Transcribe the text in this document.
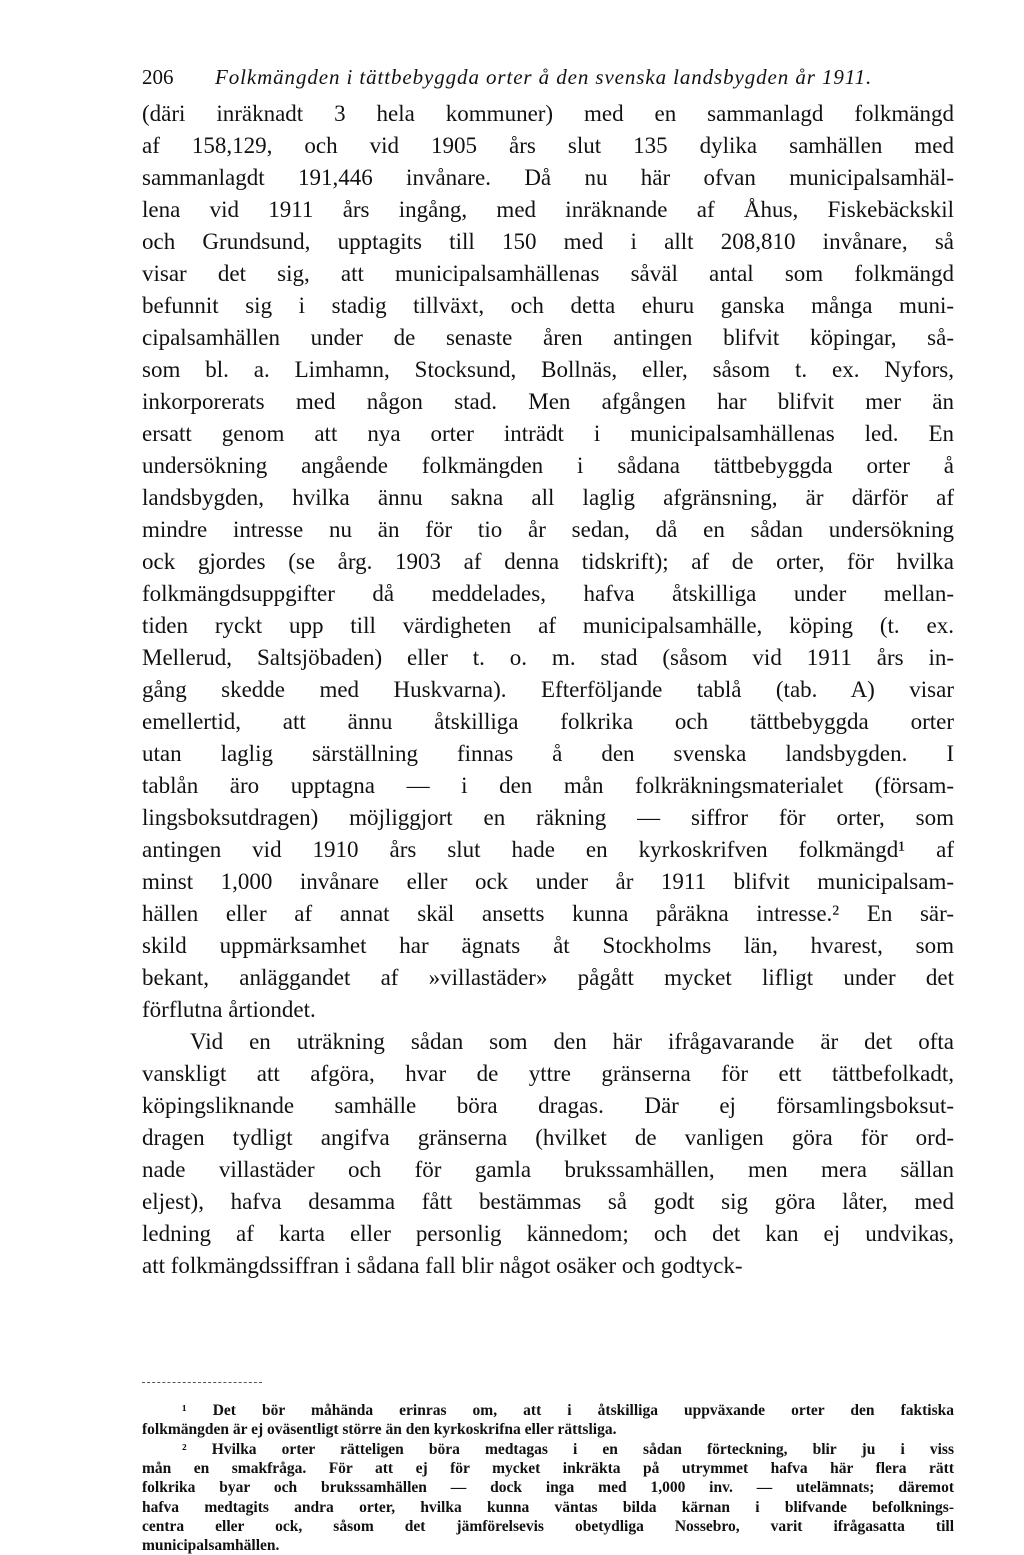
206 Folkmängden i tättbebyggda orter å den svenska landsbygden år 1911.
(däri inräknadt 3 hela kommuner) med en sammanlagd folkmängd
af 158,129, och vid 1905 års slut 135 dylika samhällen med
sammanlagdt 191,446 invånare. Då nu här ofvan municipalsamhäl-
lena vid 1911 års ingång, med inräknande af Åhus, Fiskebäckskil
och Grundsund, upptagits till 150 med i allt 208,810 invånare, så
visar det sig, att municipalsamhällenas såväl antal som folkmängd
befunnit sig i stadig tillväxt, och detta ehuru ganska många muni-
cipalsamhällen under de senaste åren antingen blifvit köpingar, så-
som bl. a. Limhamn, Stocksund, Bollnäs, eller, såsom t. ex. Nyfors,
inkorporerats med någon stad. Men afgången har blifvit mer än
ersatt genom att nya orter inträdt i municipalsamhällenas led. En
undersökning angående folkmängden i sådana tättbebyggda orter å
landsbygden, hvilka ännu sakna all laglig afgränsning, är därför af
mindre intresse nu än för tio år sedan, då en sådan undersökning
ock gjordes (se årg. 1903 af denna tidskrift); af de orter, för hvilka
folkmängdsuppgifter då meddelades, hafva åtskilliga under mellan-
tiden ryckt upp till värdigheten af municipalsamhälle, köping (t. ex.
Mellerud, Saltsjöbaden) eller t. o. m. stad (såsom vid 1911 års in-
gång skedde med Huskvarna). Efterföljande tablå (tab. A) visar
emellertid, att ännu åtskilliga folkrika och tättbebyggda orter
utan laglig särställning finnas å den svenska landsbygden. I
tablån äro upptagna — i den mån folkräkningsmaterialet (försam-
lingsboksutdragen) möjliggjort en räkning — siffror för orter, som
antingen vid 1910 års slut hade en kyrkoskrifven folkmängd¹ af
minst 1,000 invånare eller ock under år 1911 blifvit municipalsam-
hällen eller af annat skäl ansetts kunna påräkna intresse.² En sär-
skild uppmärksamhet har ägnats åt Stockholms län, hvarest, som
bekant, anläggandet af »villastäder» pågått mycket lifligt under det
förflutna årtiondet.
Vid en uträkning sådan som den här ifrågavarande är det ofta
vanskligt att afgöra, hvar de yttre gränserna för ett tättbefolkadt,
köpingsliknande samhälle böra dragas. Där ej församlingsboksut-
dragen tydligt angifva gränserna (hvilket de vanligen göra för ord-
nade villastäder och för gamla brukssamhällen, men mera sällan
eljest), hafva desamma fått bestämmas så godt sig göra låter, med
ledning af karta eller personlig kännedom; och det kan ej undvikas,
att folkmängdssiffran i sådana fall blir något osäker och godtyck-
¹ Det bör måhända erinras om, att i åtskilliga uppväxande orter den faktiska
folkmängden är ej oväsentligt större än den kyrkoskrifna eller rättsliga.
² Hvilka orter rätteligen böra medtagas i en sådan förteckning, blir ju i viss
mån en smakfråga. För att ej för mycket inkräkta på utrymmet hafva här flera rätt
folkrika byar och brukssamhällen — dock inga med 1,000 inv. — utelämnats; däremot
hafva medtagits andra orter, hvilka kunna väntas bilda kärnan i blifvande befolknings-
centra eller ock, såsom det jämförelsevis obetydliga Nossebro, varit ifrågasatta till
municipalsamhällen.
